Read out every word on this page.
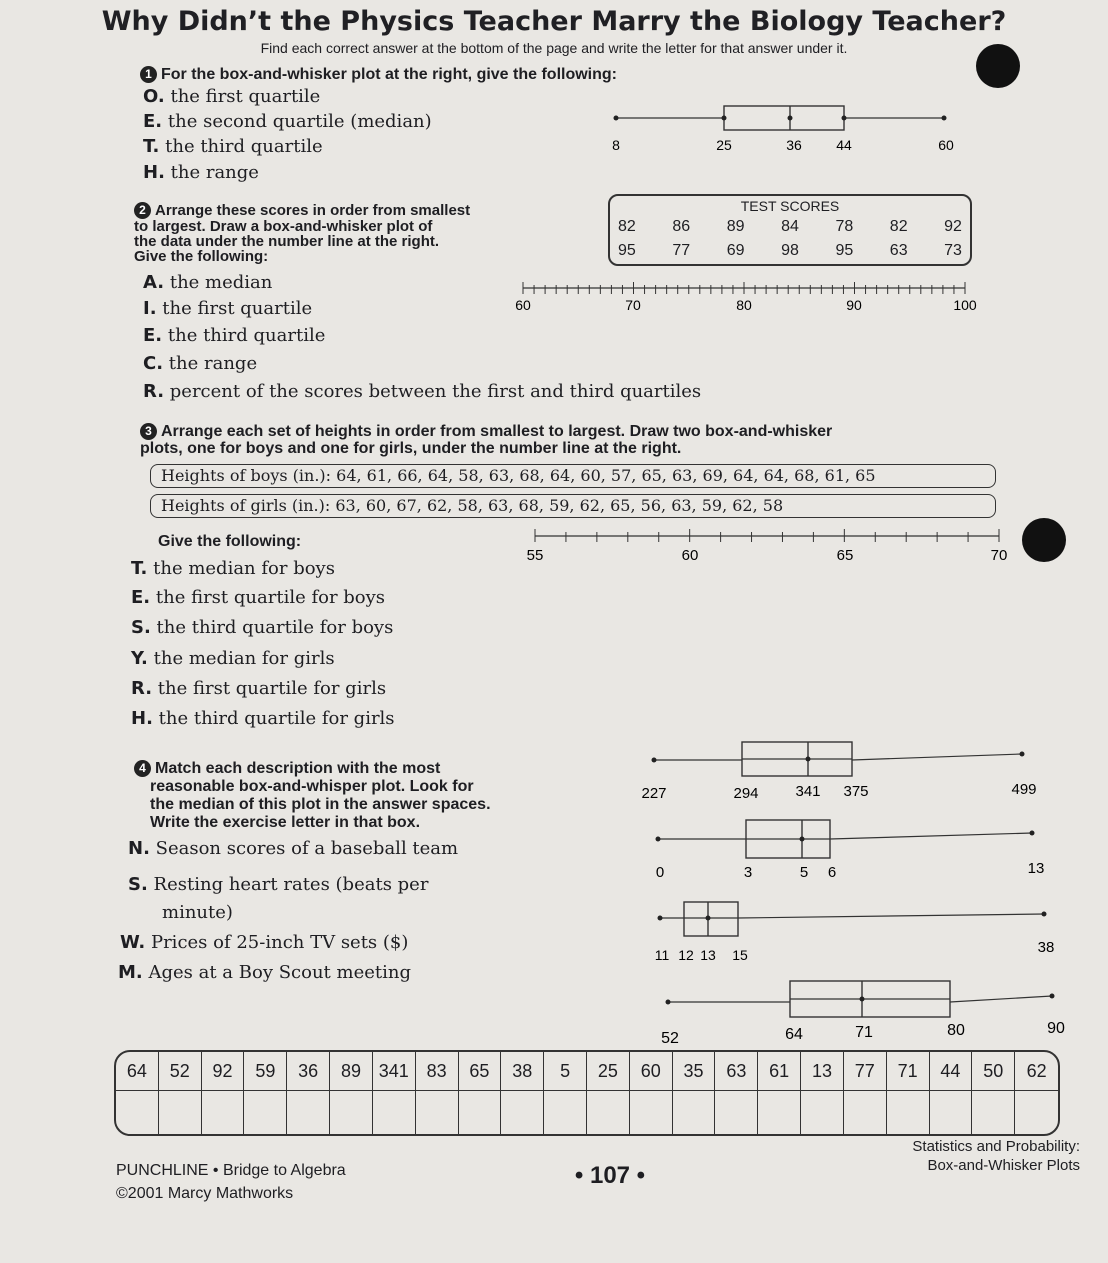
Why Didn’t the Physics Teacher Marry the Biology Teacher?
Find each correct answer at the bottom of the page and write the letter for that answer under it.
1 For the box-and-whisker plot at the right, give the following:
O. the first quartile
E. the second quartile (median)
T. the third quartile
H. the range
8	25	36 44	60
2 Arrange these scores in order from smallest
to largest. Draw a box-and-whisker plot of
the data under the number line at the right.
Give the following:
TEST SCORES
82 86 89 84 78 82 92
95 77 69 98 95 63 73
60	70	80	90	100
A. the median
I. the first quartile
E. the third quartile
C. the range
R. percent of the scores between the first and third quartiles
3 Arrange each set of heights in order from smallest to largest. Draw two box-and-whisker
plots, one for boys and one for girls, under the number line at the right.
Heights of boys (in.): 64, 61, 66, 64, 58, 63, 68, 64, 60, 57, 65, 63, 69, 64, 64, 68, 61, 65
Heights of girls (in.): 63, 60, 67, 62, 58, 63, 68, 59, 62, 65, 56, 63, 59, 62, 58
Give the following:
55	60	65	70
T. the median for boys
E. the first quartile for boys
S. the third quartile for boys
Y. the median for girls
R. the first quartile for girls
H. the third quartile for girls
4 Match each description with the most
reasonable box-and-whisper plot. Look for
the median of this plot in the answer spaces.
Write the exercise letter in that box.
N. Season scores of a baseball team
S. Resting heart rates (beats per
minute)
W. Prices of 25-inch TV sets ($)
M. Ages at a Boy Scout meeting
227	294 341 375	499
0	3	5 6	13
11 12 13 15	38
52	64	71	80	90
64	52	92	59	36	89 341 83	65	38	5	25	60	35	63	61	13	77	71	44	50	62
PUNCHLINE • Bridge to Algebra
©2001 Marcy Mathworks
• 107 •
Statistics and Probability:
Box-and-Whisker Plots
